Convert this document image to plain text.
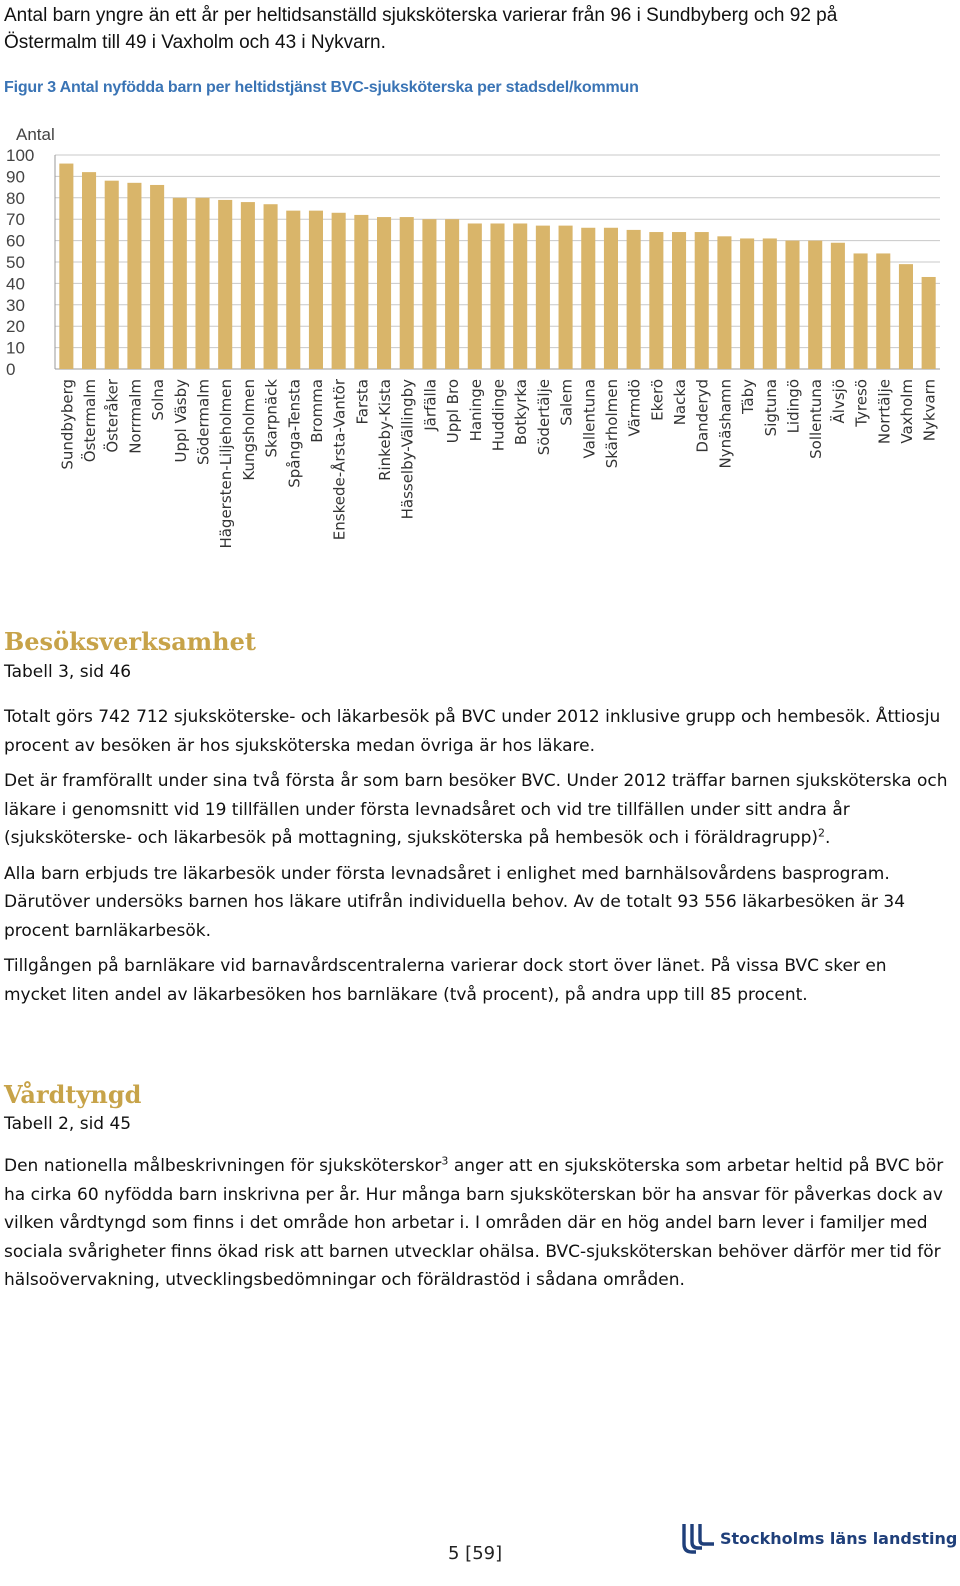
Antal barn yngre än ett år per heltidsanställd sjuksköterska varierar från 96 i Sundbyberg och 92 på
Östermalm till 49 i Vaxholm och 43 i Nykvarn.
Figur 3 Antal nyfödda barn per heltidstjänst BVC-sjuksköterska per stadsdel/kommun
100
90
80
70
60
50
40
30
20
10
0
Sundbyberg Östermalm Österåker Norrmalm Solna Uppl Väsby Södermalm Hägersten-Liljeholmen Kungsholmen Skarpnäck Spånga-Tensta Bromma Enskede-Årsta-Vantör Farsta Rinkeby-Kista Hässelby-Vällingby Järfälla Uppl Bro Haninge Huddinge Botkyrka Södertälje Salem Vallentuna Skärholmen Värmdö Ekerö Nacka Danderyd Nynäshamn Täby Sigtuna Lidingö Sollentuna Älvsjö Tyresö Norrtälje Vaxholm Nykvarn
Antal
Besöksverksamhet
Tabell 3, sid 46

Totalt görs 742 712 sjuksköterske- och läkarbesök på BVC under 2012 inklusive grupp och hembesök. Åttiosju procent av besöken är hos sjuksköterska medan övriga är hos läkare.

Det är framförallt under sina två första år som barn besöker BVC. Under 2012 träffar barnen sjuksköterska och läkare i genomsnitt vid 19 tillfällen under första levnadsåret och vid tre tillfällen under sitt andra år (sjuksköterske- och läkarbesök på mottagning, sjuksköterska på hembesök och i föräldragrupp)$^2$.

Alla barn erbjuds tre läkarbesök under första levnadsåret i enlighet med barnhälsovårdens basprogram. Därutöver undersöks barnen hos läkare utifrån individuella behov. Av de totalt 93 556 läkarbesöken är 34 procent barnläkarbesök.

Tillgången på barnläkare vid barnavårdscentralerna varierar dock stort över länet. På vissa BVC sker en mycket liten andel av läkarbesöken hos barnläkare (två procent), på andra upp till 85 procent.

Vårdtyngd
Tabell 2, sid 45

Den nationella målbeskrivningen för sjuksköterskor$^3$ anger att en sjuksköterska som arbetar heltid på BVC bör ha cirka 60 nyfödda barn inskrivna per år. Hur många barn sjuksköterskan bör ha ansvar för påverkas dock av vilken vårdtyngd som finns i det område hon arbetar i. I områden där en hög andel barn lever i familjer med sociala svårigheter finns ökad risk att barnen utvecklar ohälsa. BVC-sjuksköterskan behöver därför mer tid för hälsoövervakning, utvecklingsbedömningar och föräldrastöd i sådana områden.

5 [59]
Stockholms läns landsting
